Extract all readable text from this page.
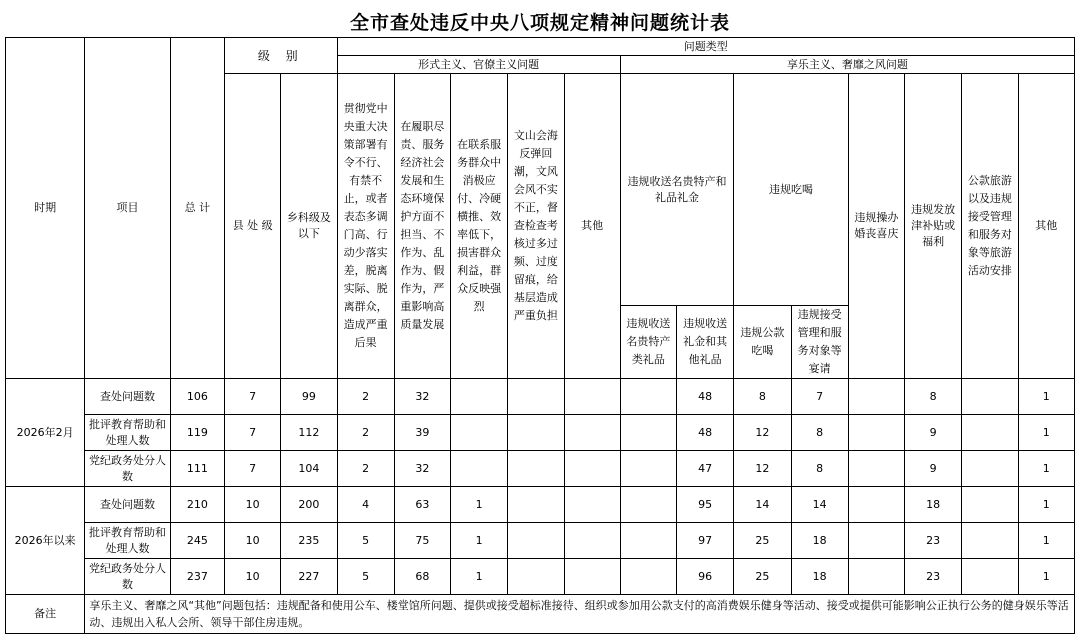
全市查处违反中央八项规定精神问题统计表
时期	项目	总 计	级 别		问题类型												
					形式主义、官僚主义问题					享乐主义、奢靡之风问题							
			县 处 级	乡科级及以下	贯彻党中央重大决策部署有令不行、有禁不止，或者表态多调门高、行动少落实差，脱离实际、脱离群众，造成严重后果	在履职尽责、服务经济社会发展和生态环境保护方面不担当、不作为、乱作为、假作为，严重影响高质量发展	在联系服务群众中消极应付、冷硬横推、效率低下，损害群众利益，群众反映强烈	文山会海反弹回潮，文风会风不实不正，督查检查考核过多过频、过度留痕，给基层造成严重负担	其他	违规收送名贵特产和礼品礼金		违规吃喝		违规操办婚丧喜庆	违规发放津补贴或福利	公款旅游以及违规接受管理和服务对象等旅游活动安排	其他
										违规收送名贵特产类礼品	违规收送礼金和其他礼品	违规公款吃喝	违规接受管理和服务对象等宴请				
2026年2月	查处问题数	106	7	99	2	32					48	8	7		8		1
	批评教育帮助和处理人数	119	7	112	2	39					48	12	8		9		1
	党纪政务处分人数	111	7	104	2	32					47	12	8		9		1
2026年以来	查处问题数	210	10	200	4	63	1				95	14	14		18		1
	批评教育帮助和处理人数	245	10	235	5	75	1				97	25	18		23		1
	党纪政务处分人数	237	10	227	5	68	1				96	25	18		23		1
备注	享乐主义、奢靡之风“其他”问题包括：违规配备和使用公车、楼堂馆所问题、提供或接受超标准接待、组织或参加用公款支付的高消费娱乐健身等活动、接受或提供可能影响公正执行公务的健身娱乐等活动、违规出入私人会所、领导干部住房违规。																
